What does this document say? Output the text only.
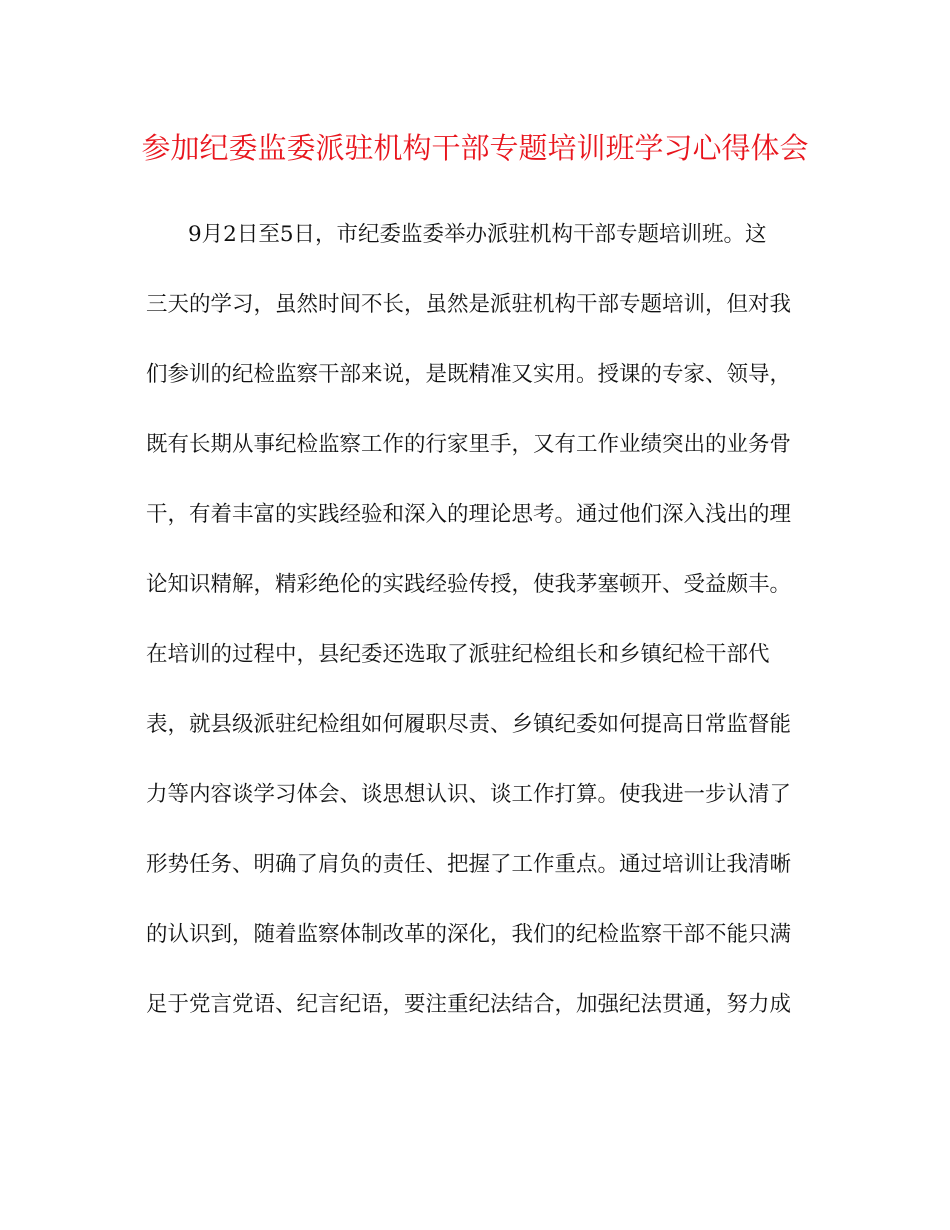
参加纪委监委派驻机构干部专题培训班学习心得体会
9月2日至5日，市纪委监委举办派驻机构干部专题培训班。这
三天的学习，虽然时间不长，虽然是派驻机构干部专题培训，但对我
们参训的纪检监察干部来说，是既精准又实用。授课的专家、领导，
既有长期从事纪检监察工作的行家里手，又有工作业绩突出的业务骨
干，有着丰富的实践经验和深入的理论思考。通过他们深入浅出的理
论知识精解，精彩绝伦的实践经验传授，使我茅塞顿开、受益颇丰。
在培训的过程中，县纪委还选取了派驻纪检组长和乡镇纪检干部代
表，就县级派驻纪检组如何履职尽责、乡镇纪委如何提高日常监督能
力等内容谈学习体会、谈思想认识、谈工作打算。使我进一步认清了
形势任务、明确了肩负的责任、把握了工作重点。通过培训让我清晰
的认识到，随着监察体制改革的深化，我们的纪检监察干部不能只满
足于党言党语、纪言纪语，要注重纪法结合，加强纪法贯通，努力成
